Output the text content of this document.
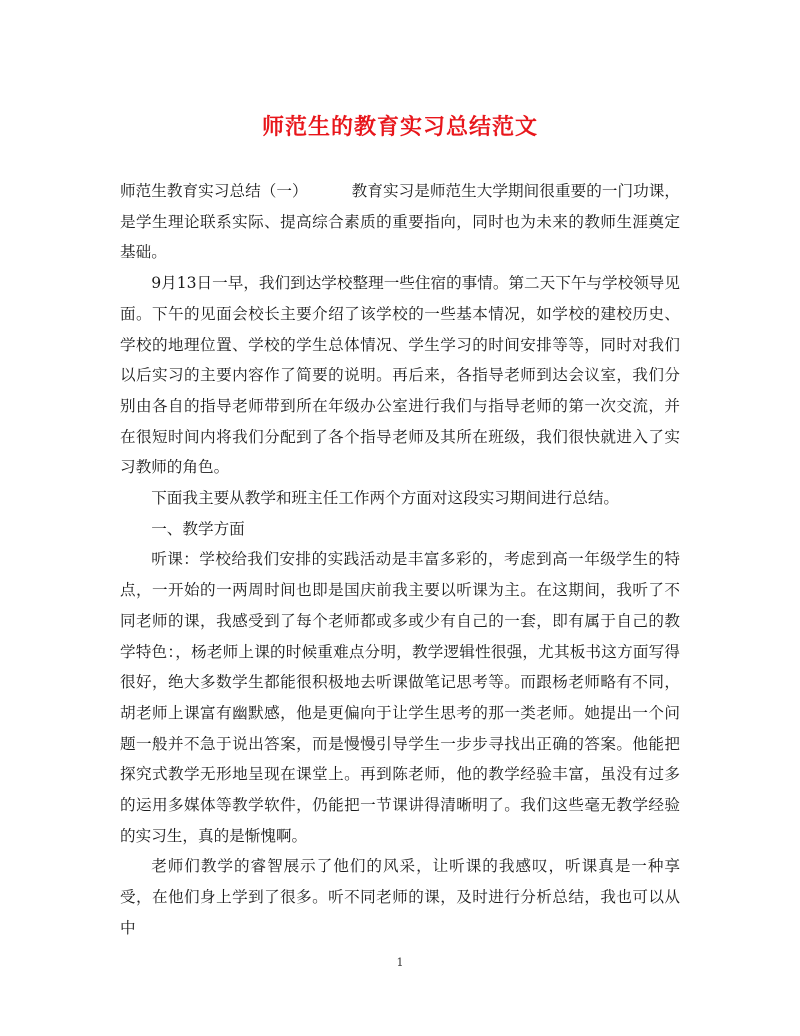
师范生的教育实习总结范文

师范生教育实习总结（一）	教育实习是师范生大学期间很重要的一门功课，是学生理论联系实际、提高综合素质的重要指向，同时也为未来的教师生涯奠定基础。

9月13日一早，我们到达学校整理一些住宿的事情。第二天下午与学校领导见面。下午的见面会校长主要介绍了该学校的一些基本情况，如学校的建校历史、学校的地理位置、学校的学生总体情况、学生学习的时间安排等等，同时对我们以后实习的主要内容作了简要的说明。再后来，各指导老师到达会议室，我们分别由各自的指导老师带到所在年级办公室进行我们与指导老师的第一次交流，并在很短时间内将我们分配到了各个指导老师及其所在班级，我们很快就进入了实习教师的角色。

下面我主要从教学和班主任工作两个方面对这段实习期间进行总结。

一、教学方面

听课：学校给我们安排的实践活动是丰富多彩的，考虑到高一年级学生的特点，一开始的一两周时间也即是国庆前我主要以听课为主。在这期间，我听了不同老师的课，我感受到了每个老师都或多或少有自己的一套，即有属于自己的教学特色：，杨老师上课的时候重难点分明，教学逻辑性很强，尤其板书这方面写得很好，绝大多数学生都能很积极地去听课做笔记思考等。而跟杨老师略有不同，胡老师上课富有幽默感，他是更偏向于让学生思考的那一类老师。她提出一个问题一般并不急于说出答案，而是慢慢引导学生一步步寻找出正确的答案。他能把探究式教学无形地呈现在课堂上。再到陈老师，他的教学经验丰富，虽没有过多的运用多媒体等教学软件，仍能把一节课讲得清晰明了。我们这些毫无教学经验的实习生，真的是惭愧啊。

老师们教学的睿智展示了他们的风采，让听课的我感叹，听课真是一种享受，在他们身上学到了很多。听不同老师的课，及时进行分析总结，我也可以从中

1
